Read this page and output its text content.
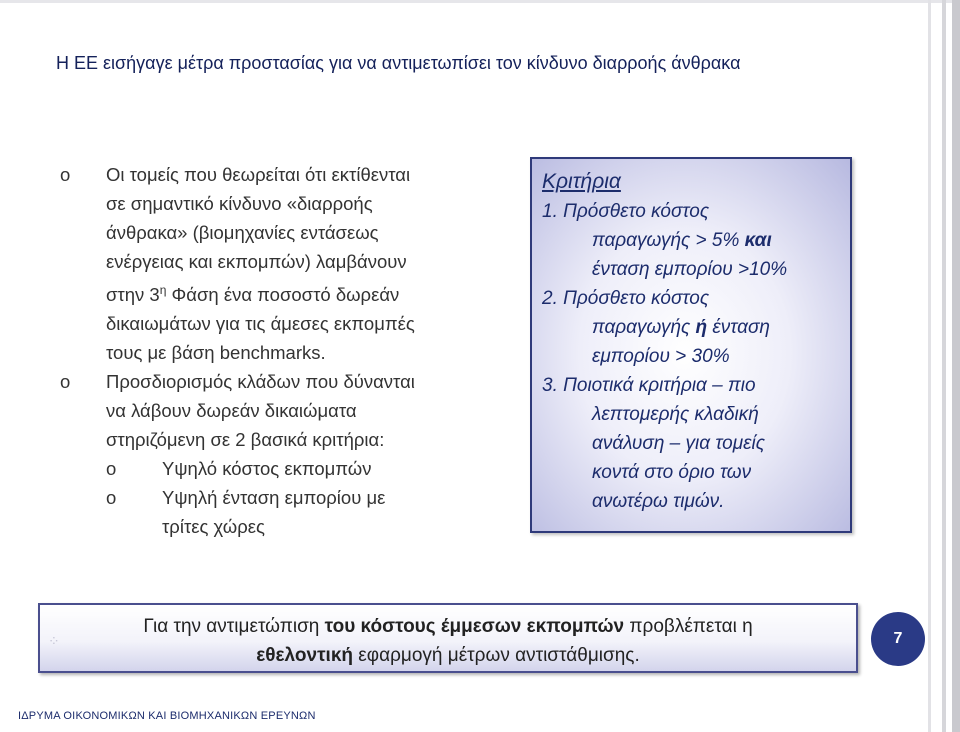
Η ΕΕ εισήγαγε μέτρα προστασίας για να αντιμετωπίσει τον κίνδυνο διαρροής άνθρακα
o Οι τομείς που θεωρείται ότι εκτίθενται
σε σημαντικό κίνδυνο «διαρροής
άνθρακα» (βιομηχανίες εντάσεως
ενέργειας και εκπομπών) λαμβάνουν
στην $3^\eta$ Φάση ένα ποσοστό δωρεάν
δικαιωμάτων για τις άμεσες εκπομπές
τους με βάση benchmarks.
o Προσδιορισμός κλάδων που δύνανται
να λάβουν δωρεάν δικαιώματα
στηριζόμενη σε 2 βασικά κριτήρια:
o Υψηλό κόστος εκπομπών
o Υψηλή ένταση εμπορίου με
τρίτες χώρες
Κριτήρια
1. Πρόσθετο κόστος
παραγωγής > 5% και
ένταση εμπορίου >10%
2. Πρόσθετο κόστος
παραγωγής ή ένταση
εμπορίου > 30%
3. Ποιοτικά κριτήρια – πιο
λεπτομερής κλαδική
ανάλυση – για τομείς
κοντά στο όριο των
ανωτέρω τιμών.
⁘
Για την αντιμετώπιση του κόστους έμμεσων εκπομπών προβλέπεται η
εθελοντική εφαρμογή μέτρων αντιστάθμισης.
7
ΙΔΡΥΜΑ ΟΙΚΟΝΟΜΙΚΩΝ ΚΑΙ ΒΙΟΜΗΧΑΝΙΚΩΝ ΕΡΕΥΝΩΝ
